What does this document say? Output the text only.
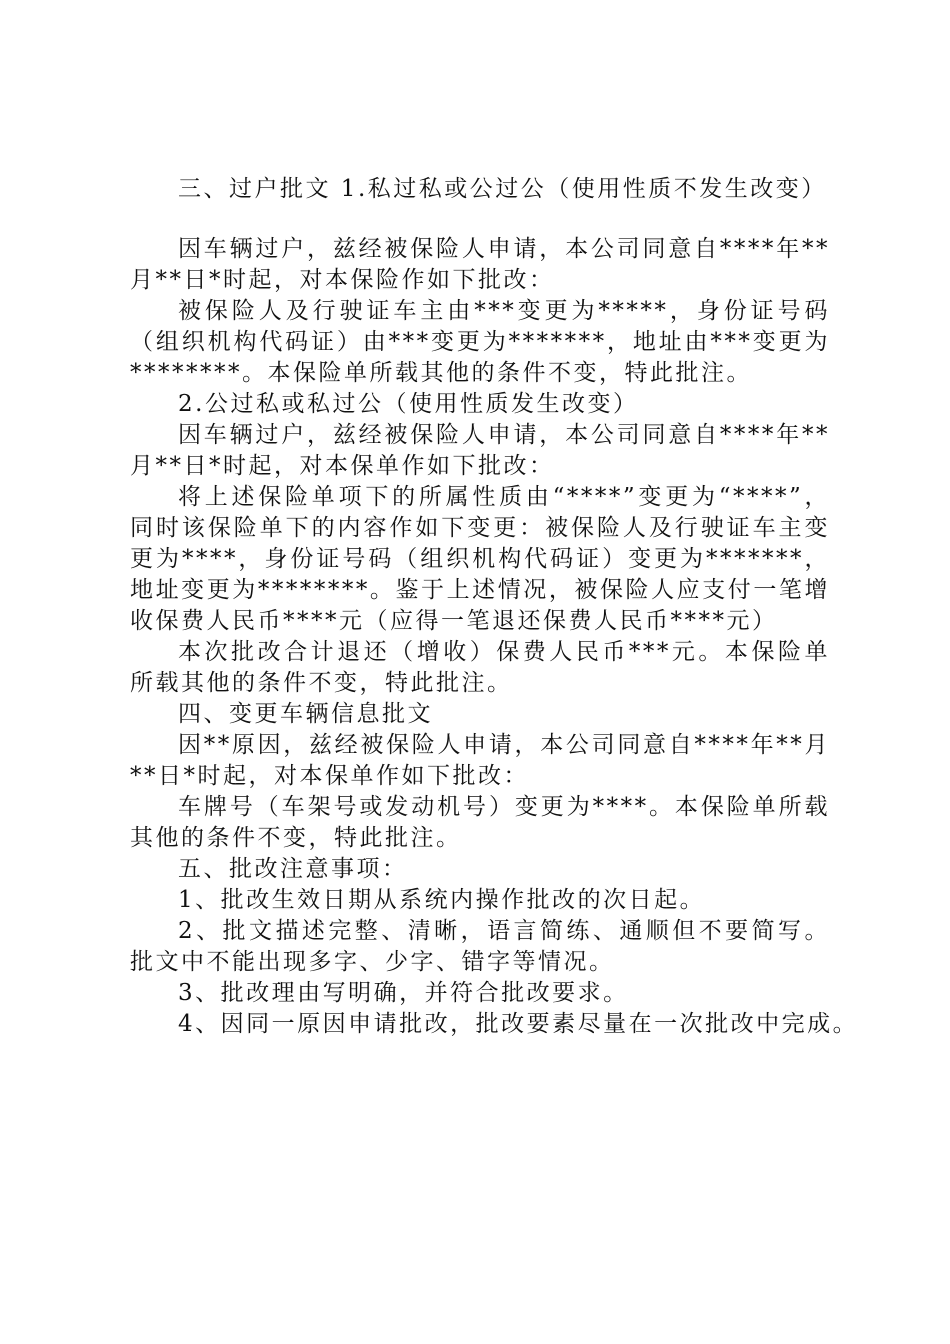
三、过户批文 1.私过私或公过公（使用性质不发生改变）

因车辆过户，兹经被保险人申请，本公司同意自****年**月**日*时起，对本保险作如下批改：

被保险人及行驶证车主由***变更为*****，身份证号码（组织机构代码证）由***变更为*******，地址由***变更为********。本保险单所载其他的条件不变，特此批注。

2.公过私或私过公（使用性质发生改变）

因车辆过户，兹经被保险人申请，本公司同意自****年**月**日*时起，对本保单作如下批改：

将上述保险单项下的所属性质由“****”变更为“****”，同时该保险单下的内容作如下变更：被保险人及行驶证车主变更为****，身份证号码（组织机构代码证）变更为*******，地址变更为********。鉴于上述情况，被保险人应支付一笔增收保费人民币****元（应得一笔退还保费人民币****元）

本次批改合计退还（增收）保费人民币***元。本保险单所载其他的条件不变，特此批注。

四、变更车辆信息批文

因**原因，兹经被保险人申请，本公司同意自****年**月**日*时起，对本保单作如下批改：

车牌号（车架号或发动机号）变更为****。本保险单所载其他的条件不变，特此批注。

五、批改注意事项：

1、批改生效日期从系统内操作批改的次日起。

2、批文描述完整、清晰，语言简练、通顺但不要简写。批文中不能出现多字、少字、错字等情况。

3、批改理由写明确，并符合批改要求。

4、因同一原因申请批改，批改要素尽量在一次批改中完成。
